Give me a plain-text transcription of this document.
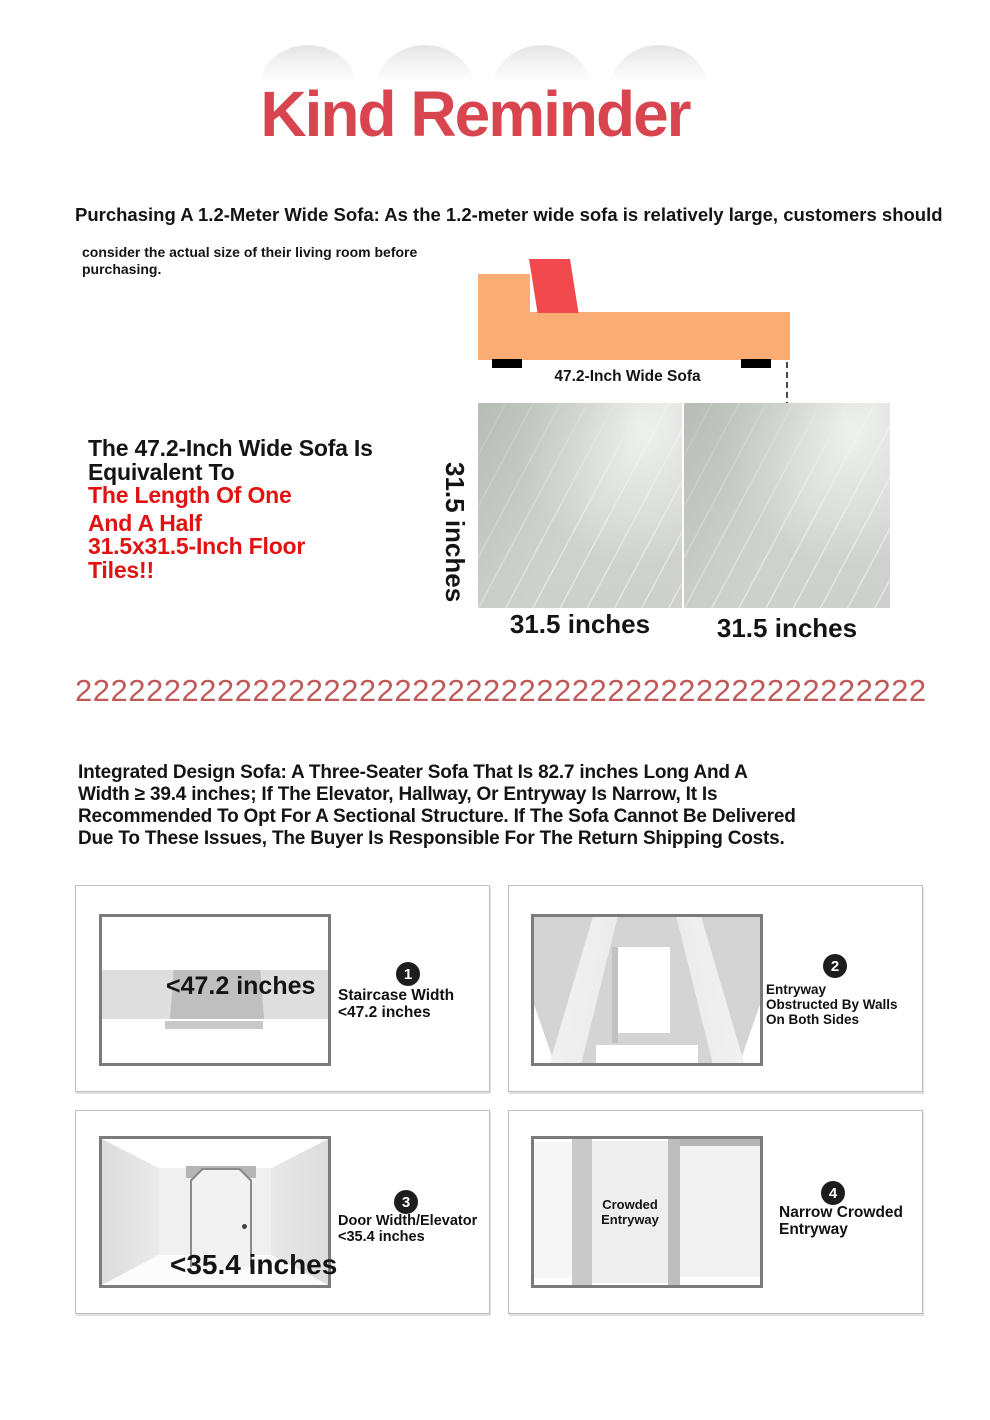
Kind Reminder
Purchasing A 1.2-Meter Wide Sofa: As the 1.2-meter wide sofa is relatively large, customers should
consider the actual size of their living room before
purchasing.
47.2-Inch Wide Sofa
The 47.2-Inch Wide Sofa Is
Equivalent To
The Length Of One
And A Half
31.5x31.5-Inch Floor
Tiles!!	31.5 inches
31.5 inches	31.5 inches
222222222222222222222222222222222222222222222222
Integrated Design Sofa: A Three-Seater Sofa That Is 82.7 inches Long And A
Width ≥ 39.4 inches; If The Elevator, Hallway, Or Entryway Is Narrow, It Is
Recommended To Opt For A Sectional Structure. If The Sofa Cannot Be Delivered
Due To These Issues, The Buyer Is Responsible For The Return Shipping Costs.
<47.2 inches	1
Staircase Width
<47.2 inches
2
Entryway
Obstructed By Walls
On Both Sides
<35.4 inches
3
Door Width/Elevator
<35.4 inches
Crowded
Entryway
4
Narrow Crowded
Entryway
